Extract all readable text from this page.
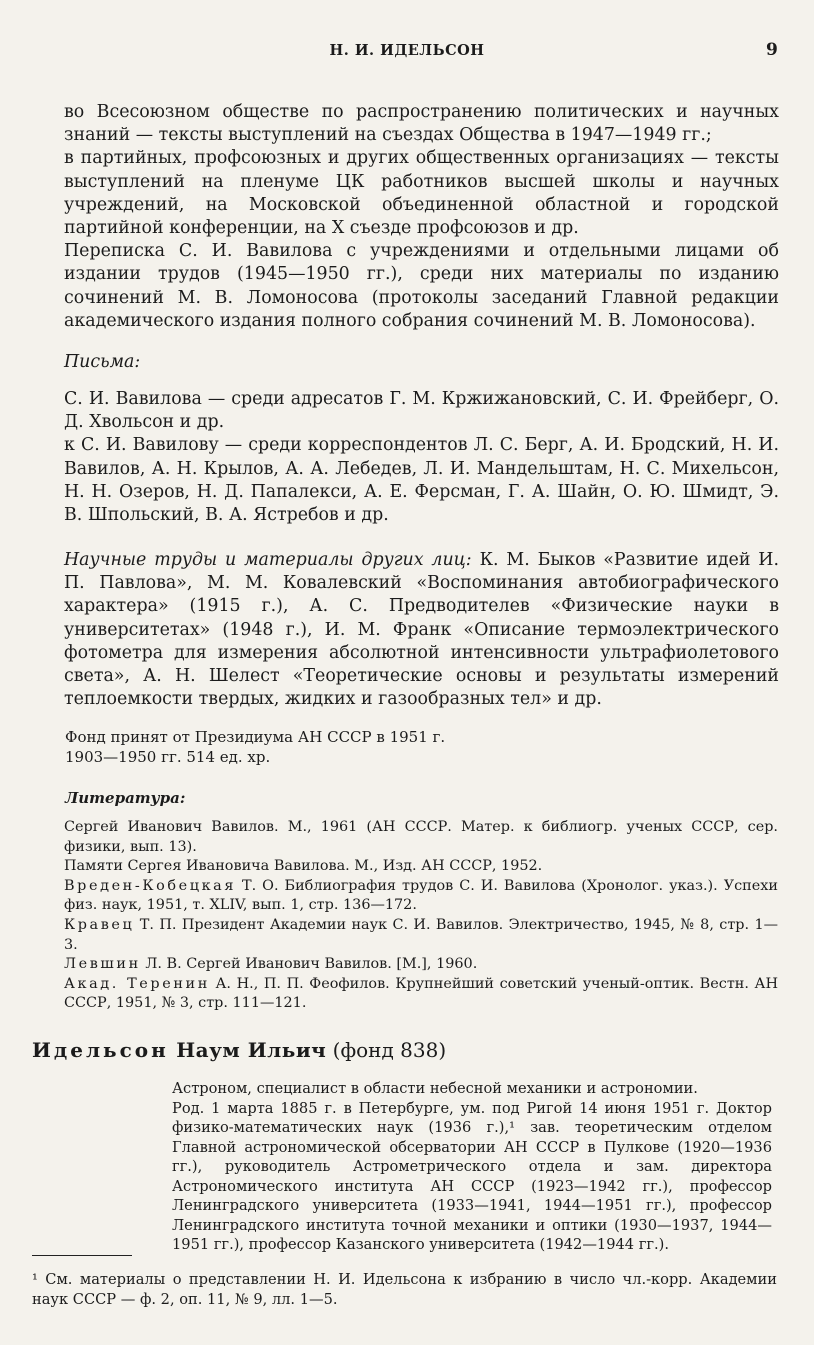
Н. И. ИДЕЛЬСОН	9

во Всесоюзном обществе по распространению политических и научных знаний — тексты выступлений на съездах Общества в 1947—1949 гг.;

в партийных, профсоюзных и других общественных организациях — тексты выступлений на пленуме ЦК работников высшей школы и научных учреждений, на Московской объединенной областной и городской партийной конференции, на X съезде профсоюзов и др.

Переписка С. И. Вавилова с учреждениями и отдельными лицами об издании трудов (1945—1950 гг.), среди них материалы по изданию сочинений М. В. Ломоносова (протоколы заседаний Главной редакции академического издания полного собрания сочинений М. В. Ломоносова).

Письма:

С. И. Вавилова — среди адресатов Г. М. Кржижановский, С. И. Фрейберг, О. Д. Хвольсон и др.

к С. И. Вавилову — среди корреспондентов Л. С. Берг, А. И. Бродский, Н. И. Вавилов, А. Н. Крылов, А. А. Лебедев, Л. И. Мандельштам, Н. С. Михельсон, Н. Н. Озеров, Н. Д. Папалекси, А. Е. Ферсман, Г. А. Шайн, О. Ю. Шмидт, Э. В. Шпольский, В. А. Ястребов и др.

Научные труды и материалы других лиц: К. М. Быков «Развитие идей И. П. Павлова», М. М. Ковалевский «Воспоминания автобиографического характера» (1915 г.), А. С. Предводителев «Физические науки в университетах» (1948 г.), И. М. Франк «Описание термоэлектрического фотометра для измерения абсолютной интенсивности ультрафиолетового света», А. Н. Шелест «Теоретические основы и результаты измерений теплоемкости твердых, жидких и газообразных тел» и др.

Фонд принят от Президиума АН СССР в 1951 г.
1903—1950 гг. 514 ед. хр.
Литература:

Сергей Иванович Вавилов. М., 1961 (АН СССР. Матер. к библиогр. ученых СССР, сер. физики, вып. 13).

Памяти Сергея Ивановича Вавилова. М., Изд. АН СССР, 1952.

Вреден-Кобецкая Т. О. Библиография трудов С. И. Вавилова (Хронолог. указ.). Успехи физ. наук, 1951, т. XLIV, вып. 1, стр. 136—172.

Кравец Т. П. Президент Академии наук С. И. Вавилов. Электричество, 1945, № 8, стр. 1—3.

Левшин Л. В. Сергей Иванович Вавилов. [М.], 1960.

Акад. Теренин А. Н., П. П. Феофилов. Крупнейший советский ученый-оптик. Вестн. АН СССР, 1951, № 3, стр. 111—121.

Идельсон Наум Ильич (фонд 838)

Астроном, специалист в области небесной механики и астрономии.

Род. 1 марта 1885 г. в Петербурге, ум. под Ригой 14 июня 1951 г. Доктор физико-математических наук (1936 г.),¹ зав. теоретическим отделом Главной астрономической обсерватории АН СССР в Пулкове (1920—1936 гг.), руководитель Астрометрического отдела и зам. директора Астрономического института АН СССР (1923—1942 гг.), профессор Ленинградского университета (1933—1941, 1944—1951 гг.), профессор Ленинградского института точной механики и оптики (1930—1937, 1944—1951 гг.), профессор Казанского университета (1942—1944 гг.).

¹ См. материалы о представлении Н. И. Идельсона к избранию в число чл.-корр. Академии наук СССР — ф. 2, оп. 11, № 9, лл. 1—5.
